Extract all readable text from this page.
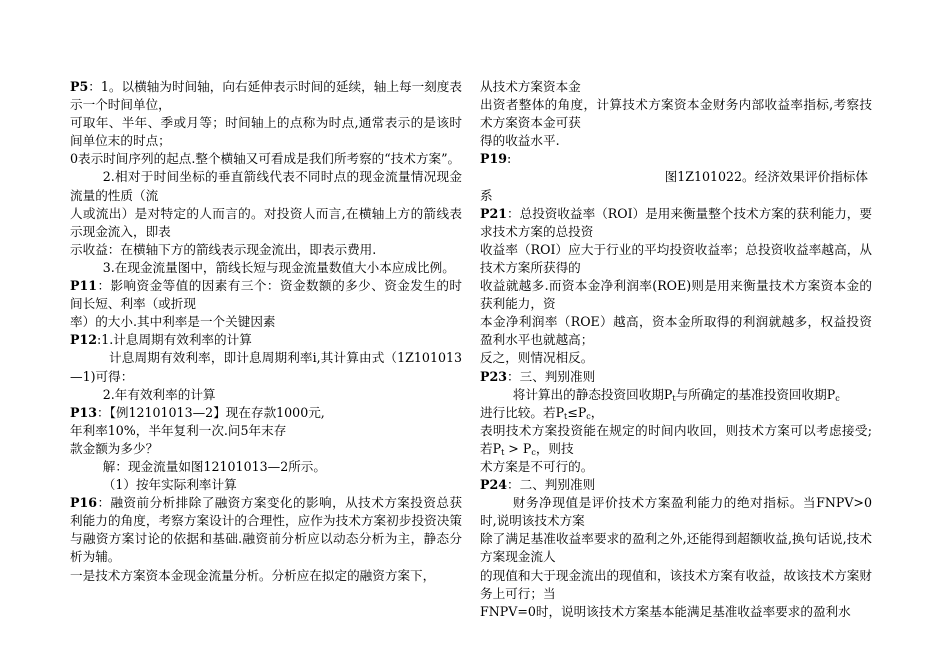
P5：1。以横轴为时间轴，向右延伸表示时间的延续，轴上每一刻度表示一个时间单位，
可取年、半年、季或月等；时间轴上的点称为时点,通常表示的是该时间单位末的时点；
0表示时间序列的起点.整个横轴又可看成是我们所考察的“技术方案”。

2.相对于时间坐标的垂直箭线代表不同时点的现金流量情况现金流量的性质（流

人或流出）是对特定的人而言的。对投资人而言,在横轴上方的箭线表示现金流入，即表

示收益：在横轴下方的箭线表示现金流出，即表示费用.

3.在现金流量图中，箭线长短与现金流量数值大小本应成比例。

P11：影响资金等值的因素有三个：资金数额的多少、资金发生的时间长短、利率（或折现

率）的大小.其中利率是一个关键因素

P12:1.计息周期有效利率的计算

计息周期有效利率，即计息周期利率i,其计算由式（1Z101013—1)可得：

2.年有效利率的计算

P13：【例12101013—2】现在存款1000元,

年利率10%，半年复利一次.问5年末存

款金额为多少？

解：现金流量如图12101013—2所示。

（1）按年实际利率计算

P16：融资前分析排除了融资方案变化的影响，从技术方案投资总获利能力的角度，考察方案设计的合理性，应作为技术方案初步投资决策与融资方案讨论的依据和基础.融资前分析应以动态分析为主，静态分析为辅。

一是技术方案资本金现金流量分析。分析应在拟定的融资方案下，

从技术方案资本金

出资者整体的角度，计算技术方案资本金财务内部收益率指标,考察技术方案资本金可获

得的收益水平.

P19:

图1Z101022。经济效果评价指标体

系

P21：总投资收益率（ROI）是用来衡量整个技术方案的获利能力，要求技术方案的总投资

收益率（ROI）应大于行业的平均投资收益率；总投资收益率越高，从技术方案所获得的

收益就越多.而资本金净利润率(ROE)则是用来衡量技术方案资本金的获利能力，资

本金净利润率（ROE）越高，资本金所取得的利润就越多，权益投资盈利水平也就越高；

反之，则情况相反。

P23：三、判别准则

将计算出的静态投资回收期$P_t$与所确定的基准投资回收期$P_c$
进行比较。若$P_t\le P_c$，

表明技术方案投资能在规定的时间内收回，则技术方案可以考虑接受;若$P_t > P_c$，则技

术方案是不可行的。

P24：二、判别准则

财务净现值是评价技术方案盈利能力的绝对指标。当FNPV>0时,说明该技术方案

除了满足基准收益率要求的盈利之外,还能得到超额收益,换句话说,技术方案现金流人

的现值和大于现金流出的现值和，该技术方案有收益，故该技术方案财务上可行；当

FNPV=0时，说明该技术方案基本能满足基准收益率要求的盈利水
